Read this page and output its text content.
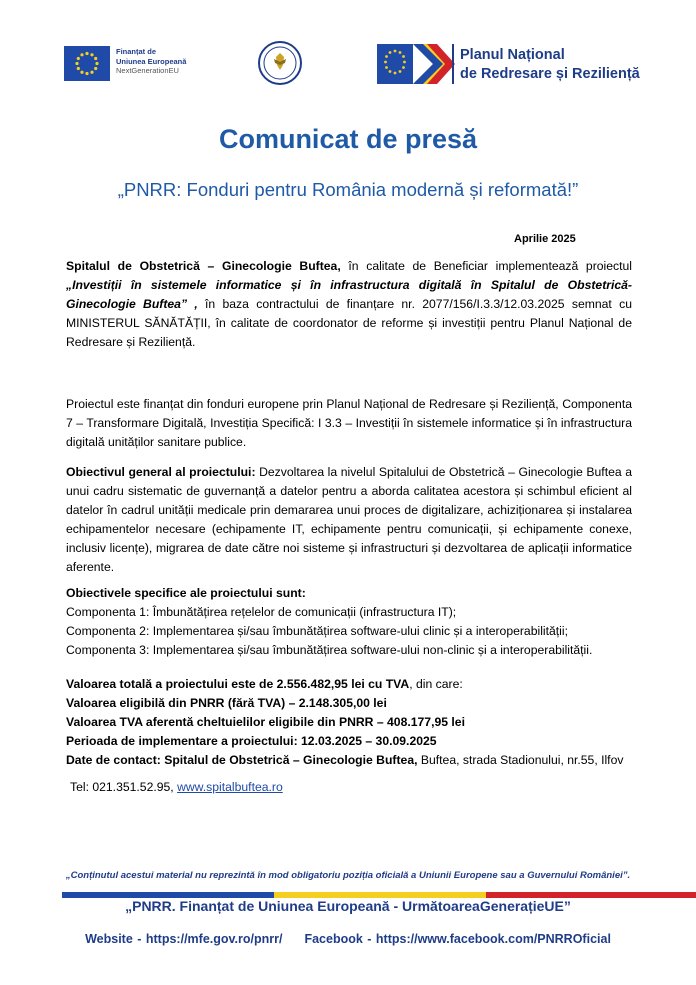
Finanțat de
Uniunea Europeană
NextGenerationEU
Planul Național
de Redresare și Reziliență
Comunicat de presă
„PNRR: Fonduri pentru România modernă și reformată!”
Aprilie 2025

Spitalul de Obstetrică – Ginecologie Buftea, în calitate de Beneficiar implementează proiectul „Investiții în sistemele informatice și în infrastructura digitală în Spitalul de Obstetrică-Ginecologie Buftea” , în baza contractului de finanțare nr. 2077/156/I.3.3/12.03.2025 semnat cu MINISTERUL SĂNĂTĂȚII, în calitate de coordonator de reforme și investiții pentru Planul Național de Redresare și Reziliență.

Proiectul este finanțat din fonduri europene prin Planul Național de Redresare și Reziliență, Componenta 7 – Transformare Digitală, Investiția Specifică: I 3.3 – Investiții în sistemele informatice și în infrastructura digitală unităților sanitare publice.

Obiectivul general al proiectului: Dezvoltarea la nivelul Spitalului de Obstetrică – Ginecologie Buftea a unui cadru sistematic de guvernanță a datelor pentru a aborda calitatea acestora și schimbul eficient al datelor în cadrul unității medicale prin demararea unui proces de digitalizare, achiziționarea și instalarea echipamentelor necesare (echipamente IT, echipamente pentru comunicații, și echipamente conexe, inclusiv licențe), migrarea de date către noi sisteme și infrastructuri și dezvoltarea de aplicații informatice aferente.

Obiectivele specifice ale proiectului sunt:

Componenta 1: Îmbunătățirea rețelelor de comunicații (infrastructura IT);

Componenta 2: Implementarea și/sau îmbunătățirea software-ului clinic și a interoperabilității;

Componenta 3: Implementarea și/sau îmbunătățirea software-ului non-clinic și a interoperabilității.

Valoarea totală a proiectului este de 2.556.482,95 lei cu TVA, din care:

Valoarea eligibilă din PNRR (fără TVA) – 2.148.305,00 lei

Valoarea TVA aferentă cheltuielilor eligibile din PNRR – 408.177,95 lei

Perioada de implementare a proiectului: 12.03.2025 – 30.09.2025

Date de contact: Spitalul de Obstetrică – Ginecologie Buftea, Buftea, strada Stadionului, nr.55, Ilfov

Tel: 021.351.52.95, www.spitalbuftea.ro

„Conținutul acestui material nu reprezintă în mod obligatoriu poziția oficială a Uniunii Europene sau a Guvernului României”.
„PNRR. Finanțat de Uniunea Europeană - UrmătoareaGenerațieUE”
Website - https://mfe.gov.ro/pnrr/ Facebook - https://www.facebook.com/PNRROficial
